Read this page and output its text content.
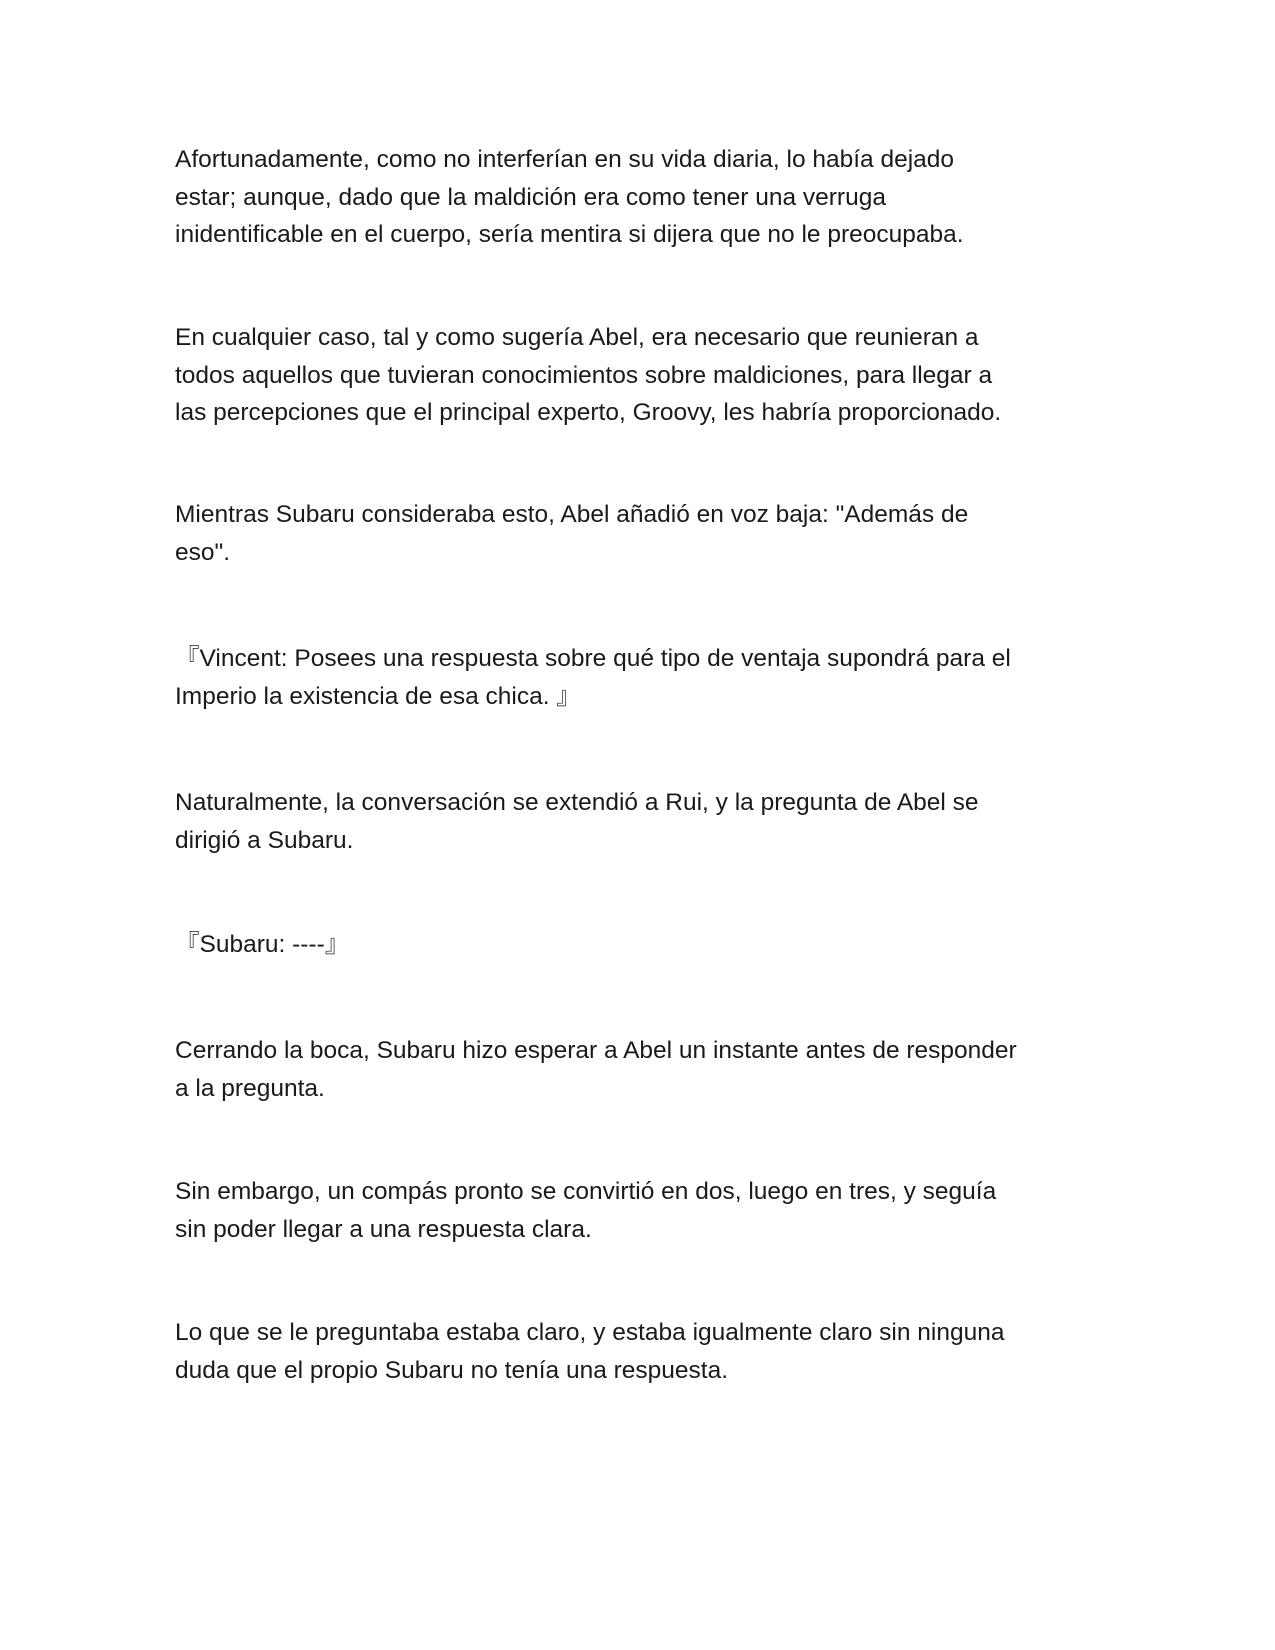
Afortunadamente, como no interferían en su vida diaria, lo había dejado
estar; aunque, dado que la maldición era como tener una verruga
inidentificable en el cuerpo, sería mentira si dijera que no le preocupaba.

En cualquier caso, tal y como sugería Abel, era necesario que reunieran a
todos aquellos que tuvieran conocimientos sobre maldiciones, para llegar a
las percepciones que el principal experto, Groovy, les habría proporcionado.

Mientras Subaru consideraba esto, Abel añadió en voz baja: "Además de
eso".

『Vincent: Posees una respuesta sobre qué tipo de ventaja supondrá para el
Imperio la existencia de esa chica. 』

Naturalmente, la conversación se extendió a Rui, y la pregunta de Abel se
dirigió a Subaru.

『Subaru: ----』

Cerrando la boca, Subaru hizo esperar a Abel un instante antes de responder
a la pregunta.

Sin embargo, un compás pronto se convirtió en dos, luego en tres, y seguía
sin poder llegar a una respuesta clara.

Lo que se le preguntaba estaba claro, y estaba igualmente claro sin ninguna
duda que el propio Subaru no tenía una respuesta.
